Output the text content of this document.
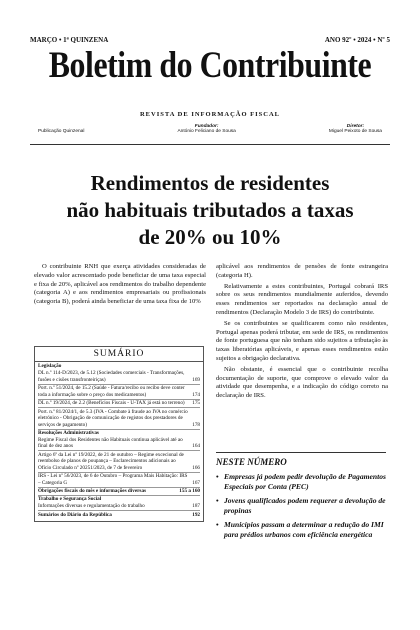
MARÇO • 1ª QUINZENA	ANO 92º • 2024 • Nº 5
Boletim do Contribuinte
REVISTA DE INFORMAÇÃO FISCAL
Publicação Quinzenal
Fundador:
António Feliciano de Sousa
Diretor:
Miguel Peixoto de Sousa
Rendimentos de residentes
não habituais tributados a taxas
de 20% ou 10%

O contribuinte RNH que exerça atividades consideradas de elevado valor acrescentado pode beneficiar de uma taxa especial e fixa de 20%, aplicável aos rendimentos do trabalho dependente (categoria A) e aos rendimentos empresariais ou profissionais (categoria B), poderá ainda beneficiar de uma taxa fixa de 10%

aplicável aos rendimentos de pensões de fonte estrangeira (categoria H).

Relativamente a estes contribuintes, Portugal cobrará IRS sobre os seus rendimentos mundialmente auferidos, devendo esses rendimentos ser reportados na declaração anual de rendimentos (Declaração Modelo 3 de IRS) do contribuinte.

Se os contribuintes se qualificarem como não residentes, Portugal apenas poderá tributar, em sede de IRS, os rendimentos de fonte portuguesa que não tenham sido sujeitos a tributação às taxas liberatórias aplicáveis, e apenas esses rendimentos estão sujeitos a obrigação declarativa.

Não obstante, é essencial que o contribuinte recolha documentação de suporte, que comprove o elevado valor da atividade que desempenha, e a indicação do código correto na declaração de IRS.

SUMÁRIO
Legislação
DL n.º 114-D/2023, de 5.12 (Sociedades comerciais - Transformações, fusões e cisões transfronteiriças)	169
Port. n.º 51/2024, de 15.2 (Saúde - Fatura/recibo ou recibo deve conter toda a informação sobre o preço dos medicamentos)	174
DL n.º 19/2024, de 2.2 (Benefícios Fiscais - U-TAX já está no terreno)	175
Port. n.º 81/2024/1, de 5.3 (IVA - Combate à fraude ao IVA no comércio eletrónico - Obrigação de comunicação de registos dos prestadores de serviços de pagamento)	178
Resoluções Administrativas
Regime Fiscal dos Residentes não Habituais continua aplicável até ao final de dez anos	164
Artigo 6º da Lei nº 19/2022, de 21 de outubro – Regime excecional de reembolso de planos de poupança – Esclarecimentos adicionais ao Ofício Circulado nº 20251/2023, de 7 de fevereiro	166
IRS - Lei nº 56/2023, de 6 de Outubro – Programa Mais Habitação: IRS – Categoria G	167
Obrigações fiscais do mês e informações diversas	155 a 160
Trabalho e Segurança Social
Informações diversas e regulamentação do trabalho	187
Sumários do Diário da República	192
NESTE NÚMERO
• Empresas já podem pedir devolução de Pagamentos Especiais por Conta (PEC)
• Jovens qualificados podem requerer a devolução de propinas
• Municípios passam a determinar a redução do IMI para prédios urbanos com eficiência energética
